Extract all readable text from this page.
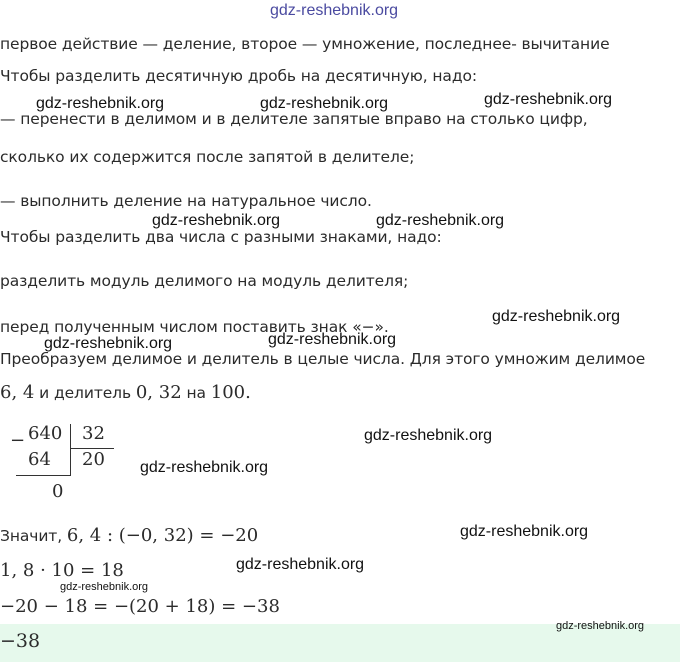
gdz-reshebnik.org
первое действие — деление, второе — умножение, последнее- вычитание
Чтобы разделить десятичную дробь на десятичную, надо:
gdz-reshebnik.org	gdz-reshebnik.org	gdz-reshebnik.org
— перенести в делимом и в делителе запятые вправо на столько цифр,
сколько их содержится после запятой в делителе;
— выполнить деление на натуральное число.
gdz-reshebnik.org	gdz-reshebnik.org
Чтобы разделить два числа с разными знаками, надо:
разделить модуль делимого на модуль делителя;
gdz-reshebnik.org
перед полученным числом поставить знак «−».
gdz-reshebnik.org	gdz-reshebnik.org
Преобразуем делимое и делитель в целые числа. Для этого умножим делимое
6, 4 и делитель 0, 32 на 100.
− 640 32
64 20
0
gdz-reshebnik.org
gdz-reshebnik.org
Значит, 6, 4 : (−0, 32) = −20	gdz-reshebnik.org
1, 8 · 10 = 18	gdz-reshebnik.org
gdz-reshebnik.org
−20 − 18 = −(20 + 18) = −38
−38
gdz-reshebnik.org
